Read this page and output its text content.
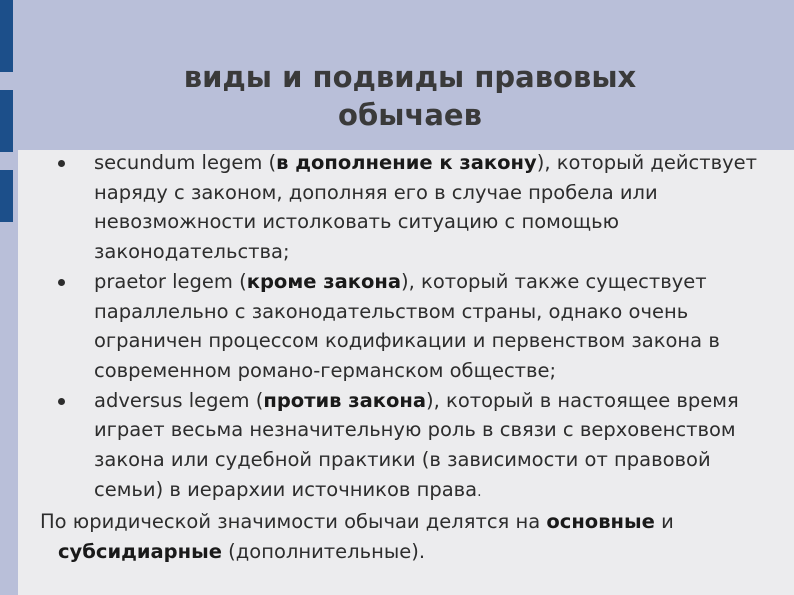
виды и подвиды правовых
обычаев
secundum legem (в дополнение к закону), который действует наряду с законом, дополняя его в случае пробела или невозможности истолковать ситуацию с помощью законодательства;
praetor legem (кроме закона), который также существует параллельно с законодательством страны, однако очень ограничен процессом кодификации и первенством закона в современном романо-германском обществе;
adversus legem (против закона), который в настоящее время играет весьма незначительную роль в связи с верховенством закона или судебной практики (в зависимости от правовой семьи) в иерархии источников права.
По юридической значимости обычаи делятся на основные и субсидиарные (дополнительные).
